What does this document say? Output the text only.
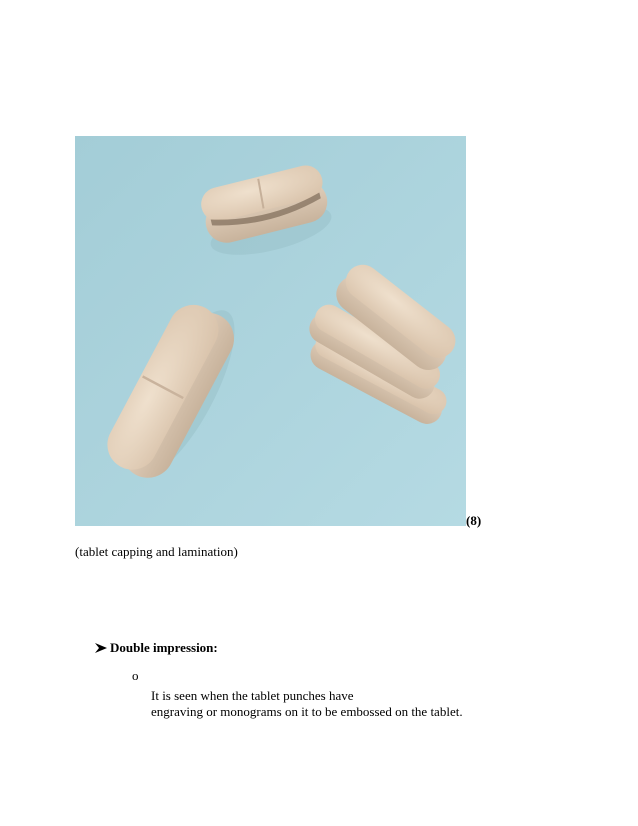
(8)
(tablet capping and lamination)
Double impression:
o
It is seen when the tablet punches have
engraving or monograms on it to be embossed on the tablet.
